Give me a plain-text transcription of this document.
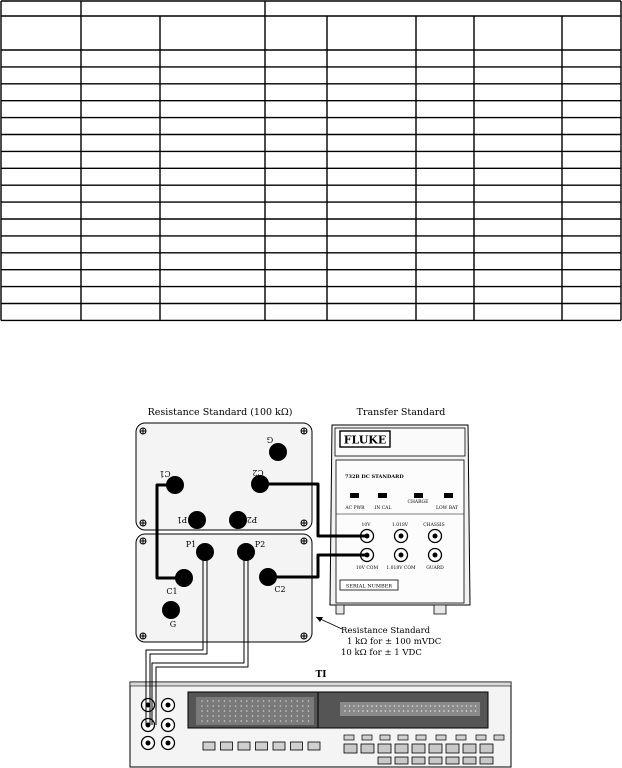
Resistance Standard (100 kΩ)	Transfer Standard
G
C1	C2
P1	P2
P1	P2
C1	C2
G
FLUKE
732B DC STANDARD
AC PWR IN CAL
CHARGE
LOW BAT
10V	1.018V	CHASSIS
10V COM 1.018V COM GUARD
SERIAL NUMBER
TI
Resistance Standard
1 kΩ for ± 100 mVDC
10 kΩ for ± 1 VDC
